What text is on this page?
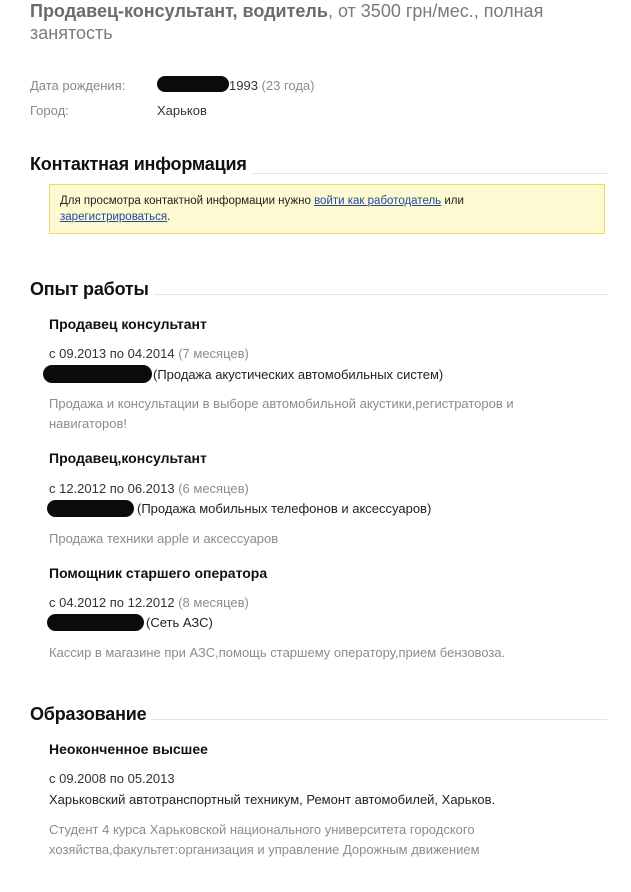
Продавец-консультант, водитель, от 3500 грн/мес., полная занятость
Дата рождения:	1993 (23 года)
Город:	Харьков
Контактная информация
Для просмотра контактной информации нужно войти как работодатель или
зарегистрироваться.
Опыт работы
Продавец консультант
с 09.2013 по 04.2014 (7 месяцев)
(Продажа акустических автомобильных систем)
Продажа и консультации в выборе автомобильной акустики,регистраторов и навигаторов!
Продавец,консультант
с 12.2012 по 06.2013 (6 месяцев)
(Продажа мобильных телефонов и аксессуаров)
Продажа техники apple и аксессуаров
Помощник старшего оператора
с 04.2012 по 12.2012 (8 месяцев)
(Сеть АЗС)
Кассир в магазине при АЗС,помощь старшему оператору,прием бензовоза.
Образование
Неоконченное высшее
с 09.2008 по 05.2013
Харьковский автотранспортный техникум, Ремонт автомобилей, Харьков.
Студент 4 курса Харьковской национального университета городского хозяйства,факультет:организация и управление Дорожным движением
